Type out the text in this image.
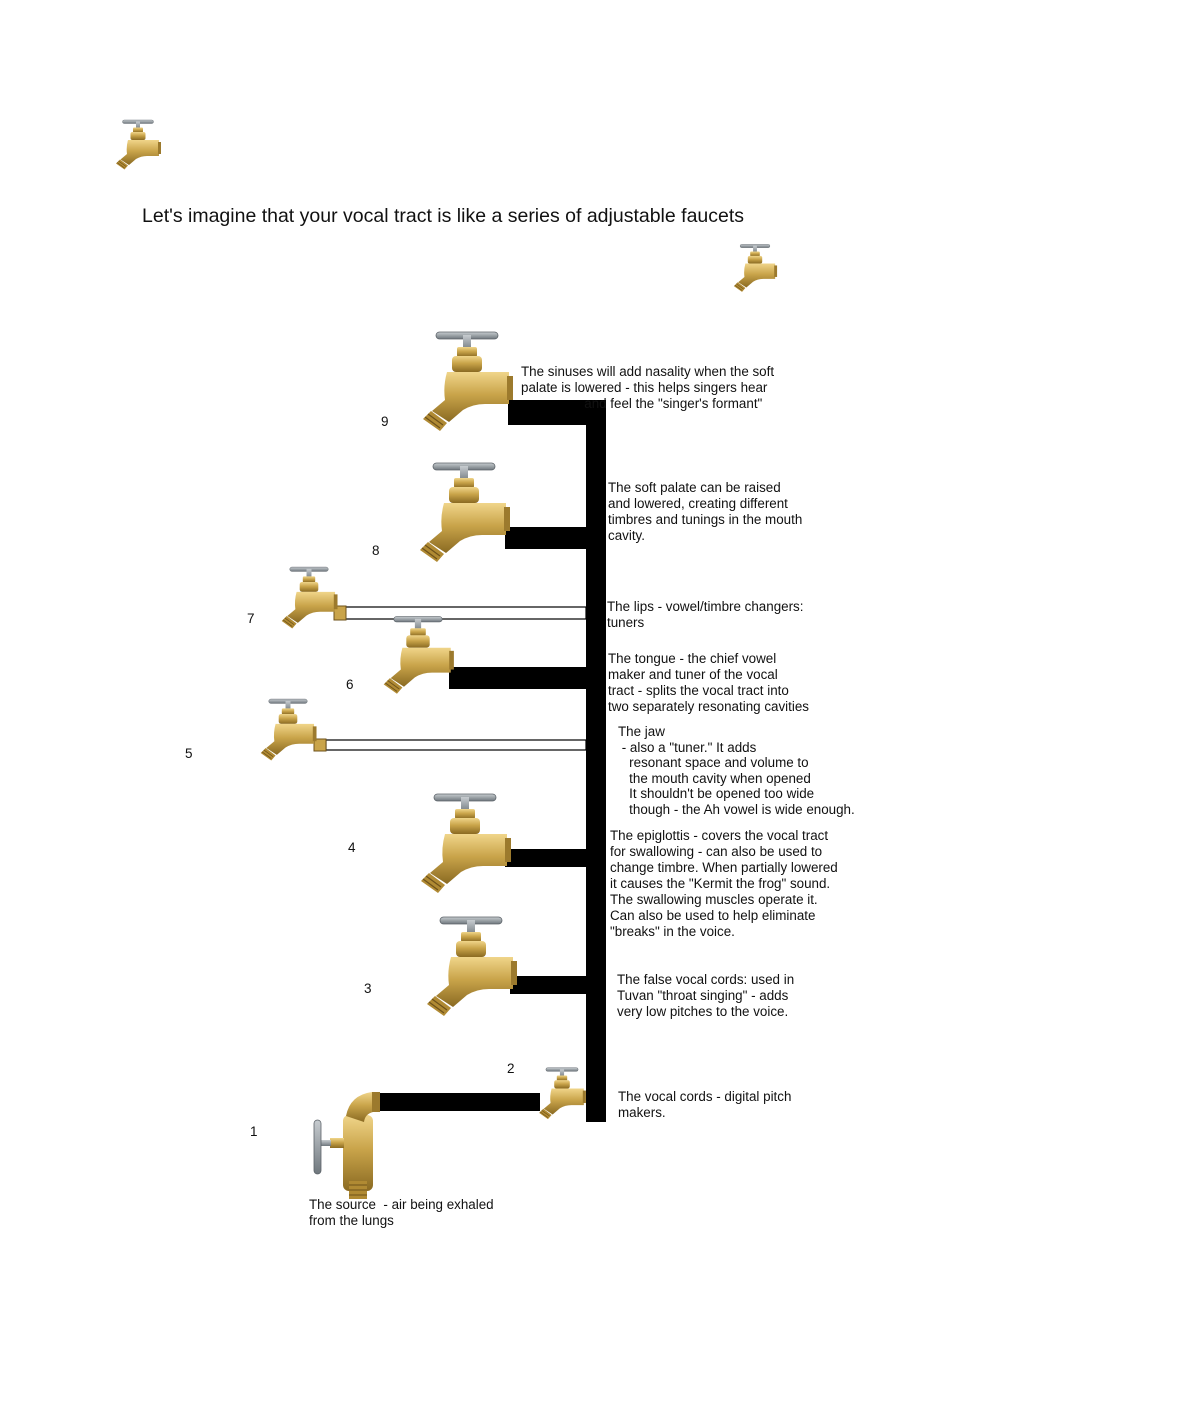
Let's imagine that your vocal tract is like a series of adjustable faucets
9
8
7
6
5
4
3
2
1
The sinuses will add nasality when the soft
palate is lowered - this helps singers hear
and feel the "singer's formant"
The soft palate can be raised
and lowered, creating different
timbres and tunings in the mouth
cavity.
The lips - vowel/timbre changers:
tuners
The tongue - the chief vowel
maker and tuner of the vocal
tract - splits the vocal tract into
two separately resonating cavities
The jaw
- also a "tuner." It adds
resonant space and volume to
the mouth cavity when opened
It shouldn't be opened too wide
though - the Ah vowel is wide enough.
The epiglottis - covers the vocal tract
for swallowing - can also be used to
change timbre. When partially lowered
it causes the "Kermit the frog" sound.
The swallowing muscles operate it.
Can also be used to help eliminate
"breaks" in the voice.
The false vocal cords: used in
Tuvan "throat singing" - adds
very low pitches to the voice.
The vocal cords - digital pitch
makers.
The source  - air being exhaled
from the lungs
